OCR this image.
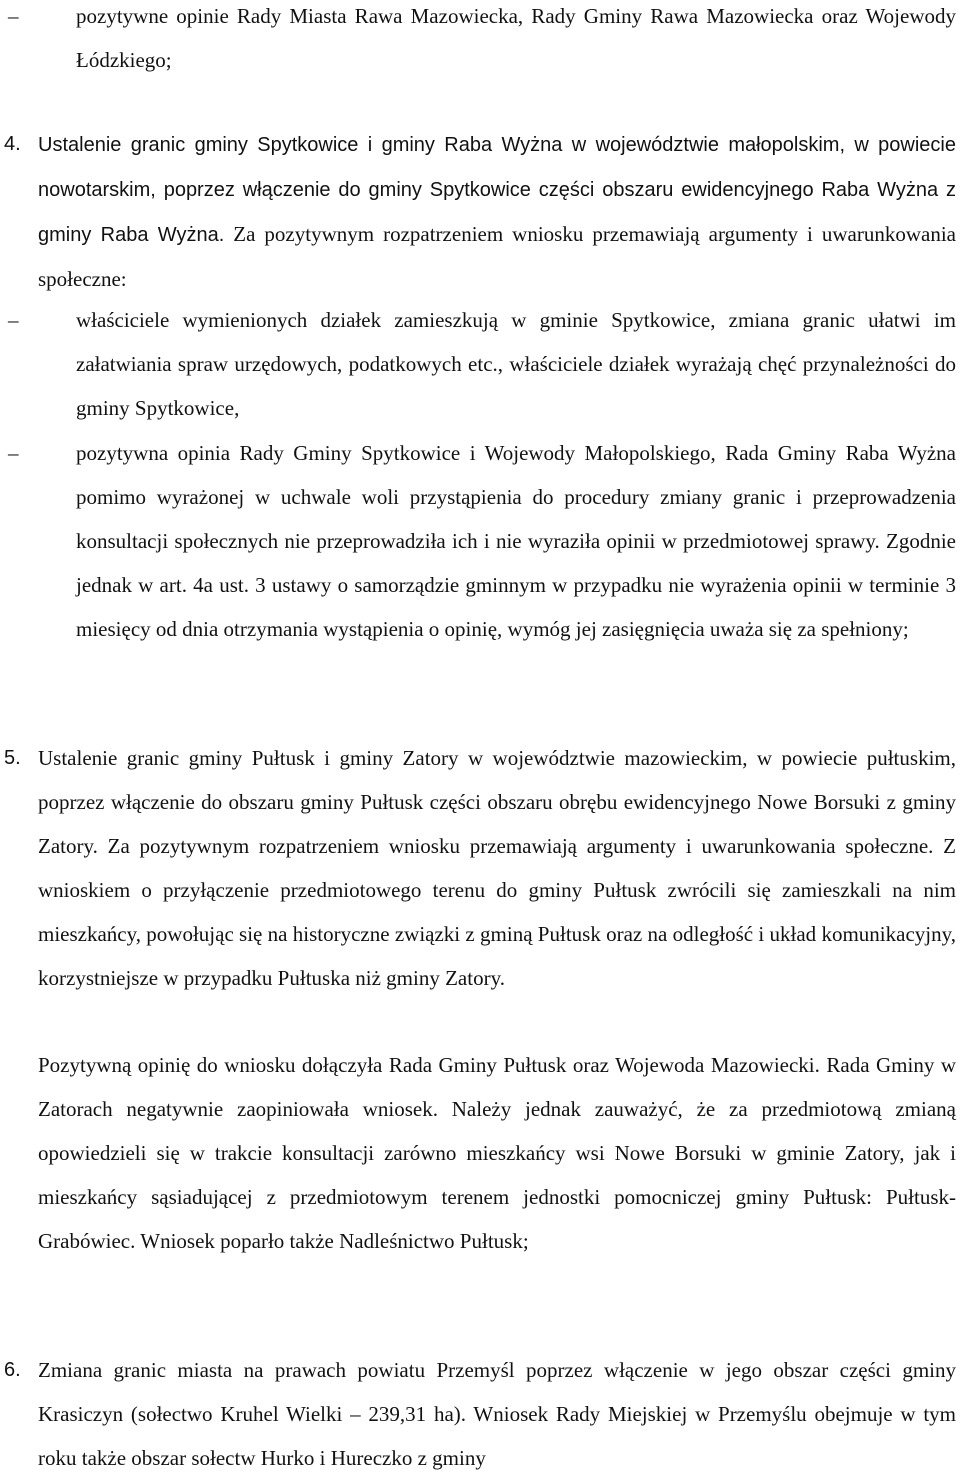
–	pozytywne opinie Rady Miasta Rawa Mazowiecka, Rady Gminy Rawa Mazowiecka oraz Wojewody Łódzkiego;

4. Ustalenie granic gminy Spytkowice i gminy Raba Wyżna w województwie małopolskim, w powiecie nowotarskim, poprzez włączenie do gminy Spytkowice części obszaru ewidencyjnego Raba Wyżna z gminy Raba Wyżna. Za pozytywnym rozpatrzeniem wniosku przemawiają argumenty i uwarunkowania społeczne:

–	właściciele wymienionych działek zamieszkują w gminie Spytkowice, zmiana granic ułatwi im załatwiania spraw urzędowych, podatkowych etc., właściciele działek wyrażają chęć przynależności do gminy Spytkowice,

–	pozytywna opinia Rady Gminy Spytkowice i Wojewody Małopolskiego, Rada Gminy Raba Wyżna pomimo wyrażonej w uchwale woli przystąpienia do procedury zmiany granic i przeprowadzenia konsultacji społecznych nie przeprowadziła ich i nie wyraziła opinii w przedmiotowej sprawy. Zgodnie jednak w art. 4a ust. 3 ustawy o samorządzie gminnym w przypadku nie wyrażenia opinii w terminie 3 miesięcy od dnia otrzymania wystąpienia o opinię, wymóg jej zasięgnięcia uważa się za spełniony;

5. Ustalenie granic gminy Pułtusk i gminy Zatory w województwie mazowieckim, w powiecie pułtuskim, poprzez włączenie do obszaru gminy Pułtusk części obszaru obrębu ewidencyjnego Nowe Borsuki z gminy Zatory. Za pozytywnym rozpatrzeniem wniosku przemawiają argumenty i uwarunkowania społeczne. Z wnioskiem o przyłączenie przedmiotowego terenu do gminy Pułtusk zwrócili się zamieszkali na nim mieszkańcy, powołując się na historyczne związki z gminą Pułtusk oraz na odległość i układ komunikacyjny, korzystniejsze w przypadku Pułtuska niż gminy Zatory.

Pozytywną opinię do wniosku dołączyła Rada Gminy Pułtusk oraz Wojewoda Mazowiecki. Rada Gminy w Zatorach negatywnie zaopiniowała wniosek. Należy jednak zauważyć, że za przedmiotową zmianą opowiedzieli się w trakcie konsultacji zarówno mieszkańcy wsi Nowe Borsuki w gminie Zatory, jak i mieszkańcy sąsiadującej z przedmiotowym terenem jednostki pomocniczej gminy Pułtusk: Pułtusk-Grabówiec. Wniosek poparło także Nadleśnictwo Pułtusk;

6. Zmiana granic miasta na prawach powiatu Przemyśl poprzez włączenie w jego obszar części gminy Krasiczyn (sołectwo Kruhel Wielki – 239,31 ha). Wniosek Rady Miejskiej w Przemyślu obejmuje w tym roku także obszar sołectw Hurko i Hureczko z gminy
